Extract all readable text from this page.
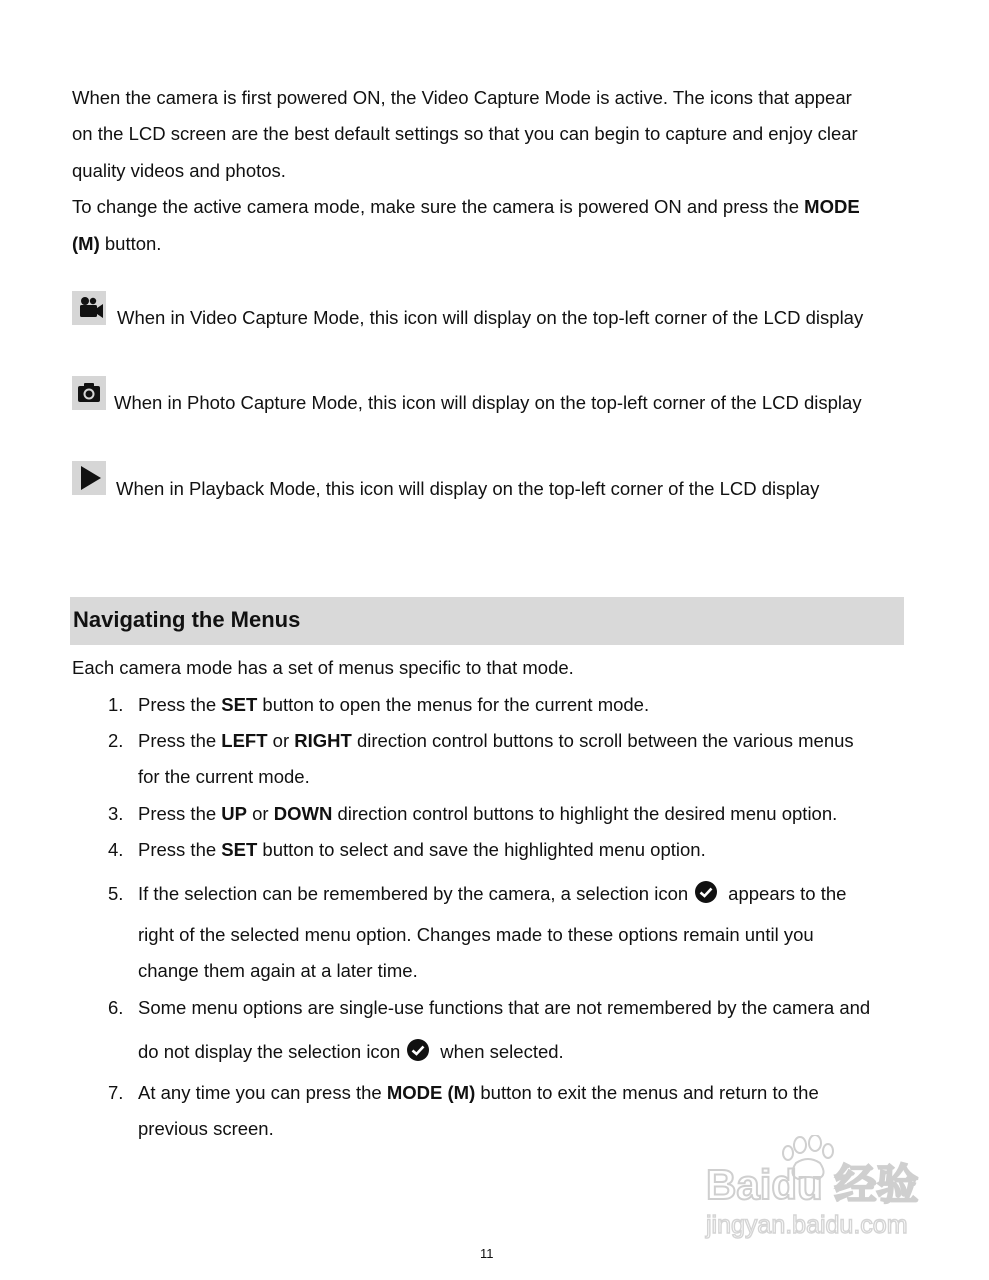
When the camera is first powered ON, the Video Capture Mode is active. The icons that appear

on the LCD screen are the best default settings so that you can begin to capture and enjoy clear

quality videos and photos.

To change the active camera mode, make sure the camera is powered ON and press the MODE

(M) button.

When in Video Capture Mode, this icon will display on the top-left corner of the LCD display
When in Photo Capture Mode, this icon will display on the top-left corner of the LCD display
When in Playback Mode, this icon will display on the top-left corner of the LCD display
Navigating the Menus

Each camera mode has a set of menus specific to that mode.

1. Press the SET button to open the menus for the current mode.
2. Press the LEFT or RIGHT direction control buttons to scroll between the various menus
for the current mode.
3. Press the UP or DOWN direction control buttons to highlight the desired menu option.
4. Press the SET button to select and save the highlighted menu option.
5. If the selection can be remembered by the camera, a selection icon appears to the
right of the selected menu option. Changes made to these options remain until you
change them again at a later time.
6. Some menu options are single-use functions that are not remembered by the camera and
do not display the selection icon when selected.
7. At any time you can press the MODE (M) button to exit the menus and return to the
previous screen.
Baidu 经验
jingyan.baidu.com
11
